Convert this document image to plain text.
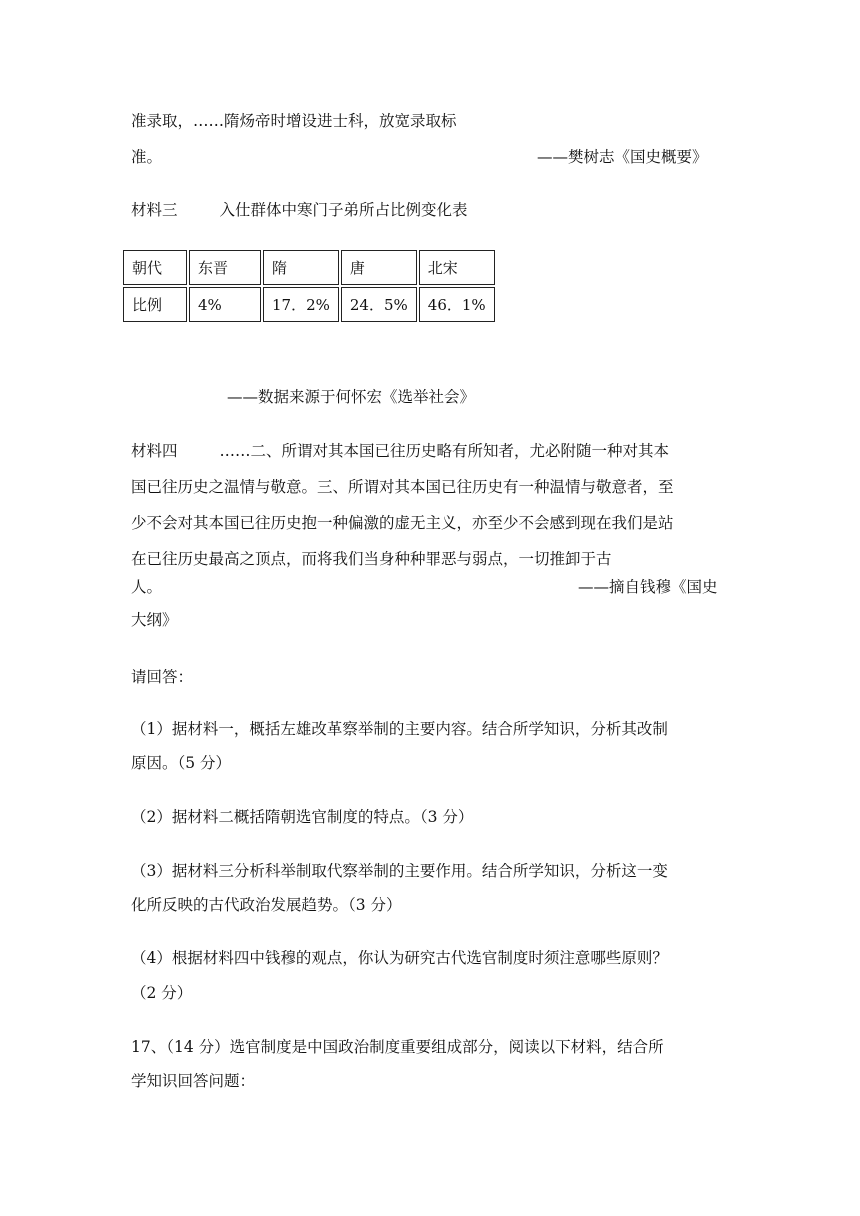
准录取，……隋炀帝时增设进士科，放宽录取标
准。	——樊树志《国史概要》
材料三	入仕群体中寒门子弟所占比例变化表
朝代	东晋	隋	唐	北宋
比例	4%	17．2%	24．5%	46．1%
——数据来源于何怀宏《选举社会》
材料四	……二、所谓对其本国已往历史略有所知者，尤必附随一种对其本
国已往历史之温情与敬意。三、所谓对其本国已往历史有一种温情与敬意者，至
少不会对其本国已往历史抱一种偏激的虚无主义，亦至少不会感到现在我们是站
在已往历史最高之顶点，而将我们当身种种罪恶与弱点，一切推卸于古
人。	——摘自钱穆《国史
大纲》
请回答：
（1）据材料一，概括左雄改革察举制的主要内容。结合所学知识，分析其改制
原因。（5 分）
（2）据材料二概括隋朝选官制度的特点。（3 分）
（3）据材料三分析科举制取代察举制的主要作用。结合所学知识，分析这一变
化所反映的古代政治发展趋势。（3 分）
（4）根据材料四中钱穆的观点，你认为研究古代选官制度时须注意哪些原则？
（2 分）
17、（14 分）选官制度是中国政治制度重要组成部分，阅读以下材料，结合所
学知识回答问题：
